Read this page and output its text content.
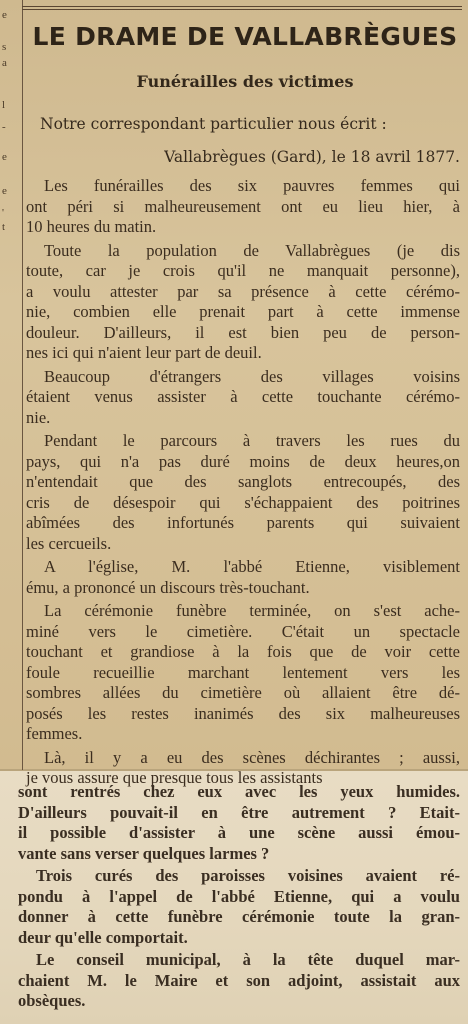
e
s
a
l
-
e
e
'
t
LE DRAME DE VALLABRÈGUES
Funérailles des victimes
Notre correspondant particulier nous écrit :
Vallabrègues (Gard), le 18 avril 1877.
Les funérailles des six pauvres femmes qui
ont péri si malheureusement ont eu lieu hier, à
10 heures du matin.
Toute la population de Vallabrègues (je dis
toute, car je crois qu'il ne manquait personne),
a voulu attester par sa présence à cette cérémo-
nie, combien elle prenait part à cette immense
douleur. D'ailleurs, il est bien peu de person-
nes ici qui n'aient leur part de deuil.
Beaucoup d'étrangers des villages voisins
étaient venus assister à cette touchante cérémo-
nie.
Pendant le parcours à travers les rues du
pays, qui n'a pas duré moins de deux heures,on
n'entendait que des sanglots entrecoupés, des
cris de désespoir qui s'échappaient des poitrines
abîmées des infortunés parents qui suivaient
les cercueils.
A l'église, M. l'abbé Etienne, visiblement
ému, a prononcé un discours très-touchant.
La cérémonie funèbre terminée, on s'est ache-
miné vers le cimetière. C'était un spectacle
touchant et grandiose à la fois que de voir cette
foule recueillie marchant lentement vers les
sombres allées du cimetière où allaient être dé-
posés les restes inanimés des six malheureuses
femmes.
Là, il y a eu des scènes déchirantes ; aussi,
je vous assure que presque tous les assistants
sont rentrés chez eux avec les yeux humides.
D'ailleurs pouvait-il en être autrement ? Etait-
il possible d'assister à une scène aussi émou-
vante sans verser quelques larmes ?
Trois curés des paroisses voisines avaient ré-
pondu à l'appel de l'abbé Etienne, qui a voulu
donner à cette funèbre cérémonie toute la gran-
deur qu'elle comportait.
Le conseil municipal, à la tête duquel mar-
chaient M. le Maire et son adjoint, assistait aux
obsèques.
